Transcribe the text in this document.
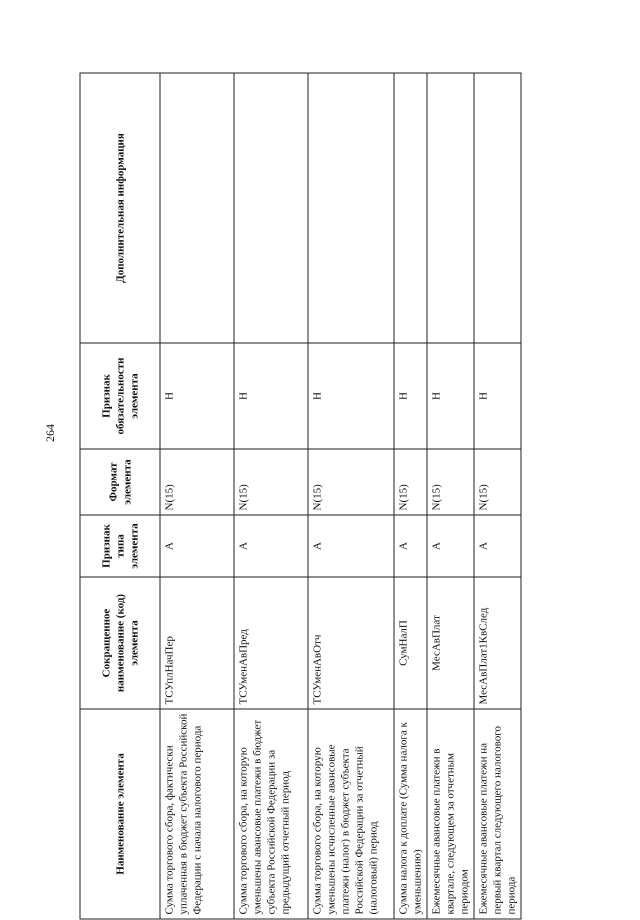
264
Наименование элемента	Сокращенное наименование (код) элемента	Признак типа элемента	Формат элемента	Признак обязательности элемента	Дополнительная информация
Сумма торгового сбора, фактически уплаченная в бюджет субъекта Российской Федерации с начала налогового периода	ТСУплНачПер	А	N(15)	Н	
Сумма торгового сбора, на которую уменьшены авансовые платежи в бюджет субъекта Российской Федерации за предыдущий отчетный период	ТСУменАвПред	А	N(15)	Н	
Сумма торгового сбора, на которую уменьшены исчисленные авансовые платежи (налог) в бюджет субъекта Российской Федерации за отчетный (налоговый) период	ТСУменАвОтч	А	N(15)	Н	
Сумма налога к доплате (Сумма налога к уменьшению)	СумНалП	А	N(15)	Н	
Ежемесячные авансовые платежи в квартале, следующем за отчетным периодом	МесАвПлат	А	N(15)	Н	
Ежемесячные авансовые платежи на первый квартал следующего налогового периода	МесАвПлат1КвСлед	А	N(15)	Н	
